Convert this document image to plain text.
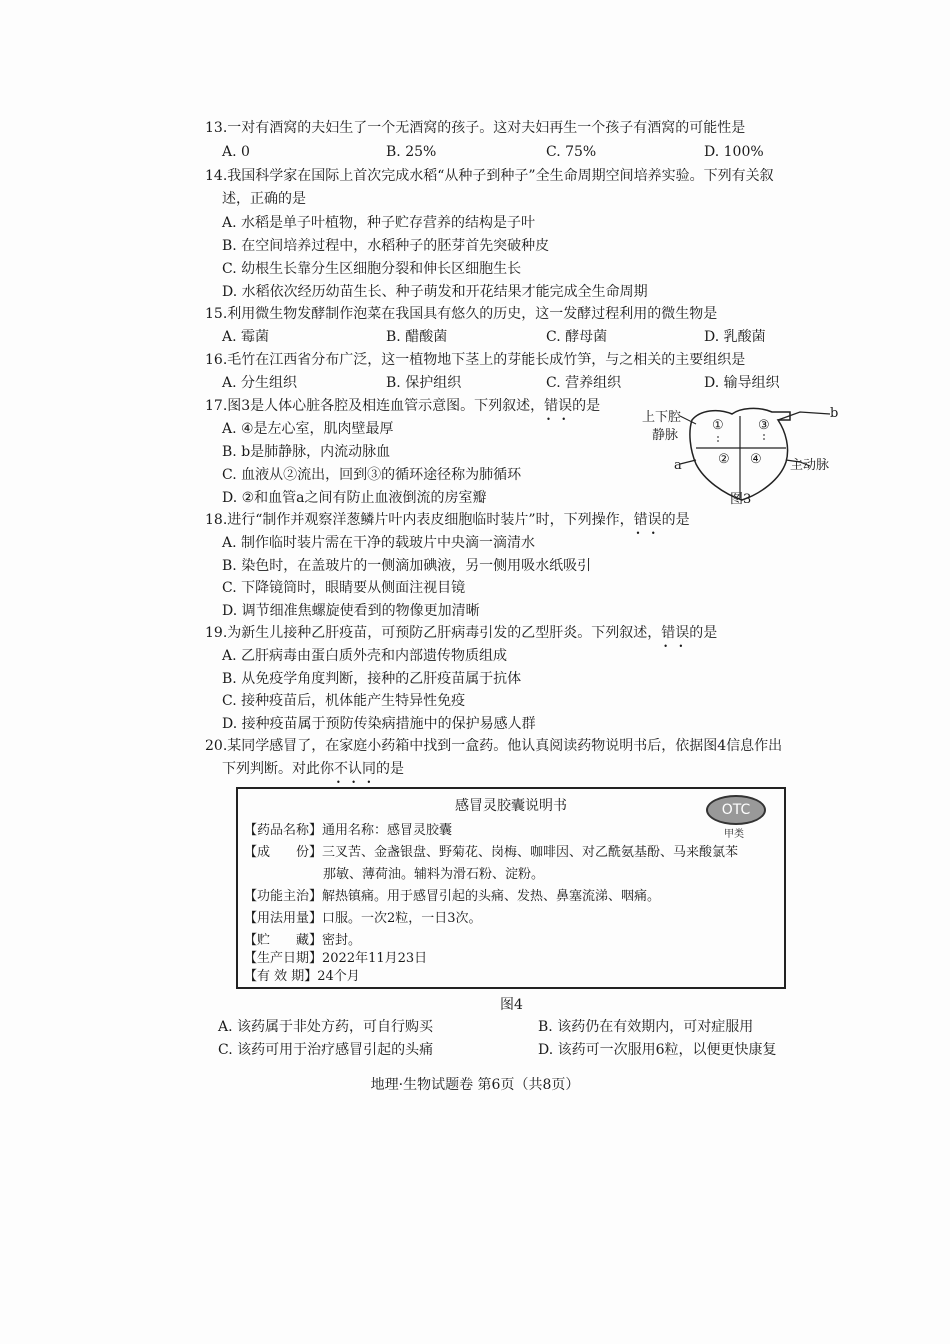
13.一对有酒窝的夫妇生了一个无酒窝的孩子。这对夫妇再生一个孩子有酒窝的可能性是
A. 0	B. 25%	C. 75%	D. 100%
14.我国科学家在国际上首次完成水稻“从种子到种子”全生命周期空间培养实验。下列有关叙
述，正确的是
A. 水稻是单子叶植物，种子贮存营养的结构是子叶
B. 在空间培养过程中，水稻种子的胚芽首先突破种皮
C. 幼根生长靠分生区细胞分裂和伸长区细胞生长
D. 水稻依次经历幼苗生长、种子萌发和开花结果才能完成全生命周期
15.利用微生物发酵制作泡菜在我国具有悠久的历史，这一发酵过程利用的微生物是
A. 霉菌	B. 醋酸菌	C. 酵母菌	D. 乳酸菌
16.毛竹在江西省分布广泛，这一植物地下茎上的芽能长成竹笋，与之相关的主要组织是
A. 分生组织	B. 保护组织	C. 营养组织	D. 输导组织
17.图3是人体心脏各腔及相连血管示意图。下列叙述，错误 • •的是
A. ④是左心室，肌肉壁最厚
B. b是肺静脉，内流动脉血
C. 血液从②流出，回到③的循环途径称为肺循环
D. ②和血管a之间有防止血液倒流的房室瓣
上下腔
静脉
①	③
② ④
b
a	主动脉
图3
18.进行“制作并观察洋葱鳞片叶内表皮细胞临时装片”时，下列操作，错误 • •的是
A. 制作临时装片需在干净的载玻片中央滴一滴清水
B. 染色时，在盖玻片的一侧滴加碘液，另一侧用吸水纸吸引
C. 下降镜筒时，眼睛要从侧面注视目镜
D. 调节细准焦螺旋使看到的物像更加清晰
19.为新生儿接种乙肝疫苗，可预防乙肝病毒引发的乙型肝炎。下列叙述，错误 • •的是
A. 乙肝病毒由蛋白质外壳和内部遗传物质组成
B. 从免疫学角度判断，接种的乙肝疫苗属于抗体
C. 接种疫苗后，机体能产生特异性免疫
D. 接种疫苗属于预防传染病措施中的保护易感人群
20.某同学感冒了，在家庭小药箱中找到一盒药。他认真阅读药物说明书后，依据图4信息作出
下列判断。对此你不认同 • • •的是
感冒灵胶囊说明书	OTC
甲类
【药品名称】通用名称：感冒灵胶囊
【成　　份】三叉苦、金盏银盘、野菊花、岗梅、咖啡因、对乙酰氨基酚、马来酸氯苯
那敏、薄荷油。辅料为滑石粉、淀粉。
【功能主治】解热镇痛。用于感冒引起的头痛、发热、鼻塞流涕、咽痛。
【用法用量】口服。一次2粒，一日3次。
【贮　　藏】密封。
【生产日期】2022年11月23日
【有 效 期】24个月
图4
A. 该药属于非处方药，可自行购买	B. 该药仍在有效期内，可对症服用
C. 该药可用于治疗感冒引起的头痛	D. 该药可一次服用6粒，以便更快康复
地理·生物试题卷 第6页（共8页）
